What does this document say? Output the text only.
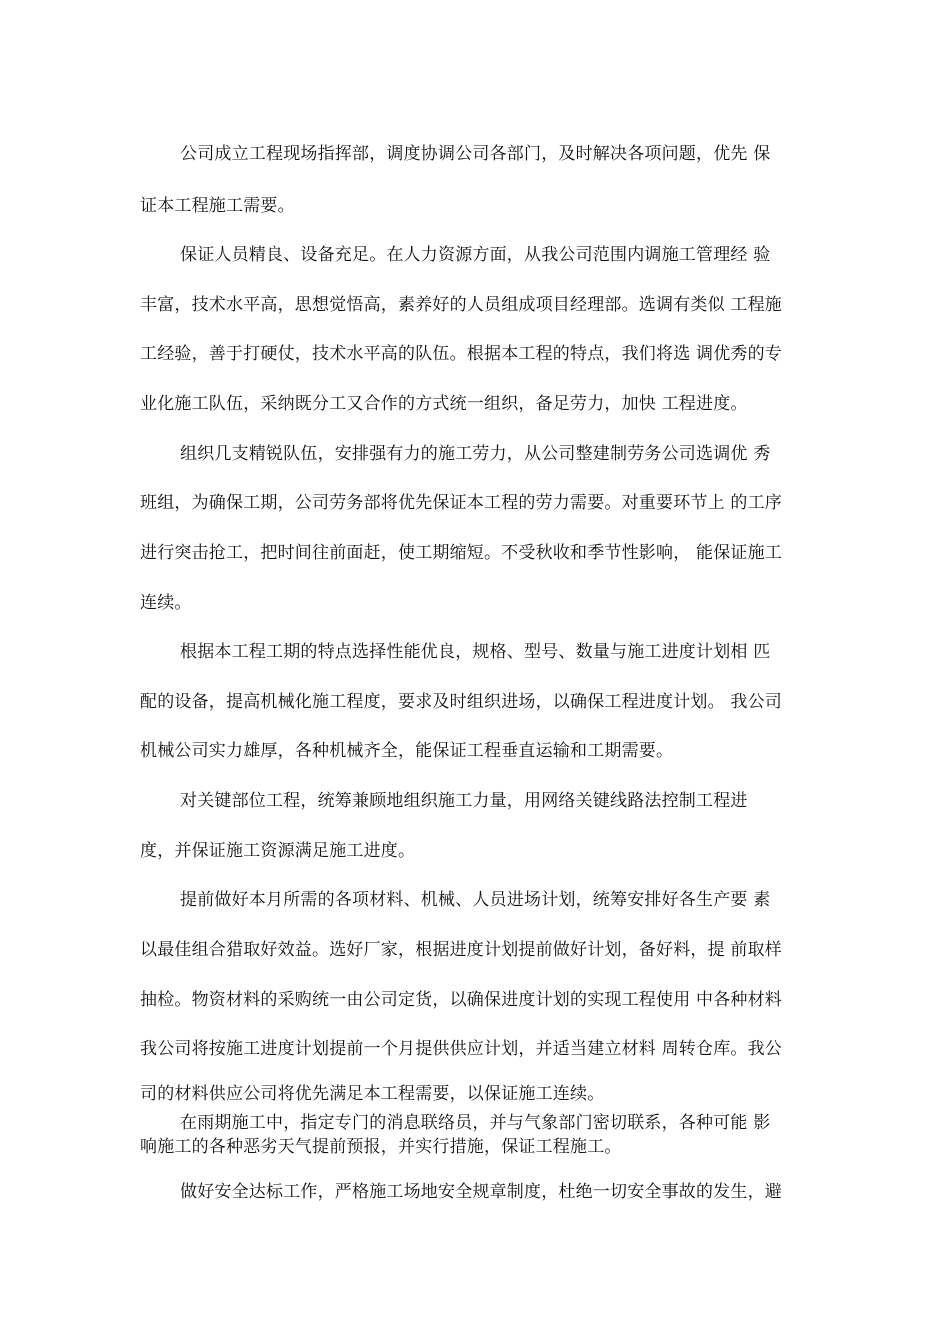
公司成立工程现场指挥部，调度协调公司各部门，及时解决各项问题，优先 保
证本工程施工需要。
保证人员精良、设备充足。在人力资源方面，从我公司范围内调施工管理经 验
丰富，技术水平高，思想觉悟高，素养好的人员组成项目经理部。选调有类似 工程施
工经验，善于打硬仗，技术水平高的队伍。根据本工程的特点，我们将选 调优秀的专
业化施工队伍，采纳既分工又合作的方式统一组织，备足劳力，加快 工程进度。
组织几支精锐队伍，安排强有力的施工劳力，从公司整建制劳务公司选调优 秀
班组，为确保工期，公司劳务部将优先保证本工程的劳力需要。对重要环节上 的工序
进行突击抢工，把时间往前面赶，使工期缩短。不受秋收和季节性影响， 能保证施工
连续。
根据本工程工期的特点选择性能优良，规格、型号、数量与施工进度计划相 匹
配的设备，提高机械化施工程度，要求及时组织进场，以确保工程进度计划。 我公司
机械公司实力雄厚，各种机械齐全，能保证工程垂直运输和工期需要。
对关键部位工程，统筹兼顾地组织施工力量，用网络关键线路法控制工程进
度，并保证施工资源满足施工进度。
提前做好本月所需的各项材料、机械、人员进场计划，统筹安排好各生产要 素
以最佳组合猎取好效益。选好厂家，根据进度计划提前做好计划，备好料，提 前取样
抽检。物资材料的采购统一由公司定货，以确保进度计划的实现工程使用 中各种材料
我公司将按施工进度计划提前一个月提供供应计划，并适当建立材料 周转仓库。我公
司的材料供应公司将优先满足本工程需要，以保证施工连续。
在雨期施工中，指定专门的消息联络员，并与气象部门密切联系，各种可能 影
响施工的各种恶劣天气提前预报，并实行措施，保证工程施工。
做好安全达标工作，严格施工场地安全规章制度，杜绝一切安全事故的发生，避
